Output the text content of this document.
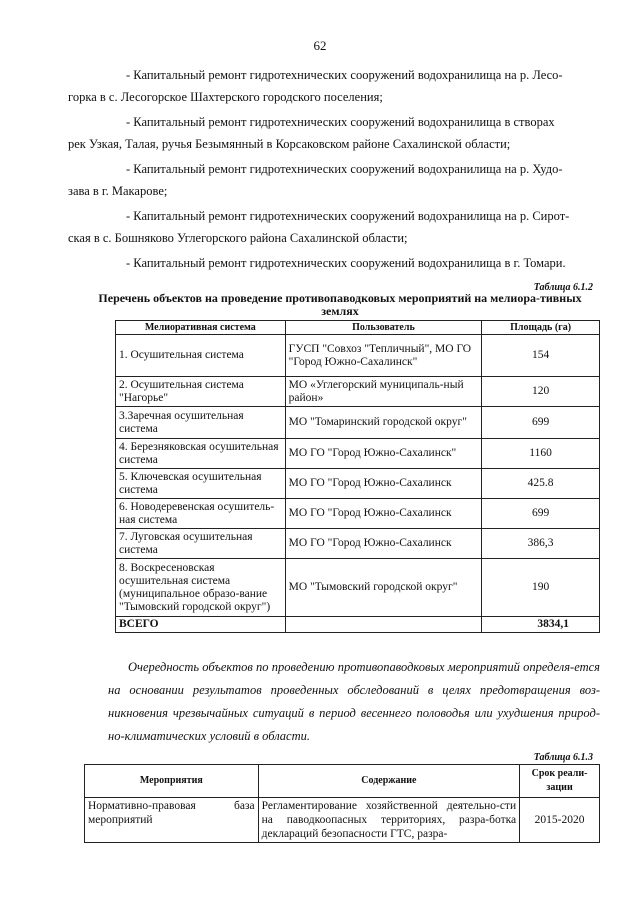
62

- Капитальный ремонт гидротехнических сооружений водохранилища на р. Лесо-
горка в с. Лесогорское Шахтерского городского поселения;

- Капитальный ремонт гидротехнических сооружений водохранилища в створах
рек Узкая, Талая, ручья Безымянный в Корсаковском районе Сахалинской области;

- Капитальный ремонт гидротехнических сооружений водохранилища на р. Худо-
зава в г. Макарове;

- Капитальный ремонт гидротехнических сооружений водохранилища на р. Сирот-
ская в с. Бошняково Углегорского района Сахалинской области;

- Капитальный ремонт гидротехнических сооружений водохранилища в г. Томари.

Таблица 6.1.2
Перечень объектов на проведение противопаводковых мероприятий на мелиора-тивных землях
Мелиоративная система	Пользователь	Площадь (га)
1. Осушительная система	ГУСП "Совхоз "Тепличный", МО ГО "Город Южно-Сахалинск"	154
2. Осушительная система "Нагорье"	МО «Углегорский муниципаль-ный район»	120
3.Заречная осушительная система	МО "Томаринский городской округ"	699
4. Березняковская осушительная система	МО ГО "Город Южно-Сахалинск"	1160
5. Ключевская осушительная система	МО ГО "Город Южно-Сахалинск	425.8
6. Новодеревенская осушитель-ная система	МО ГО "Город Южно-Сахалинск	699
7. Луговская осушительная система	МО ГО "Город Южно-Сахалинск	386,3
8. Воскресеновская осушительная система (муниципальное образо-вание "Тымовский городской округ")	МО "Тымовский городской округ"	190
ВСЕГО		3834,1

Очередность объектов по проведению противопаводковых мероприятий определя-ется на основании результатов проведенных обследований в целях предотвращения воз-никновения чрезвычайных ситуаций в период весеннего половодья или ухудшения природ-но-климатических условий в области.

Таблица 6.1.3
Мероприятия	Содержание	Срок реали-зации
Нормативно-правовая база мероприятий	Регламентирование хозяйственной деятельно-сти на паводкоопасных территориях, разра-ботка деклараций безопасности ГТС, разра-	2015-2020
